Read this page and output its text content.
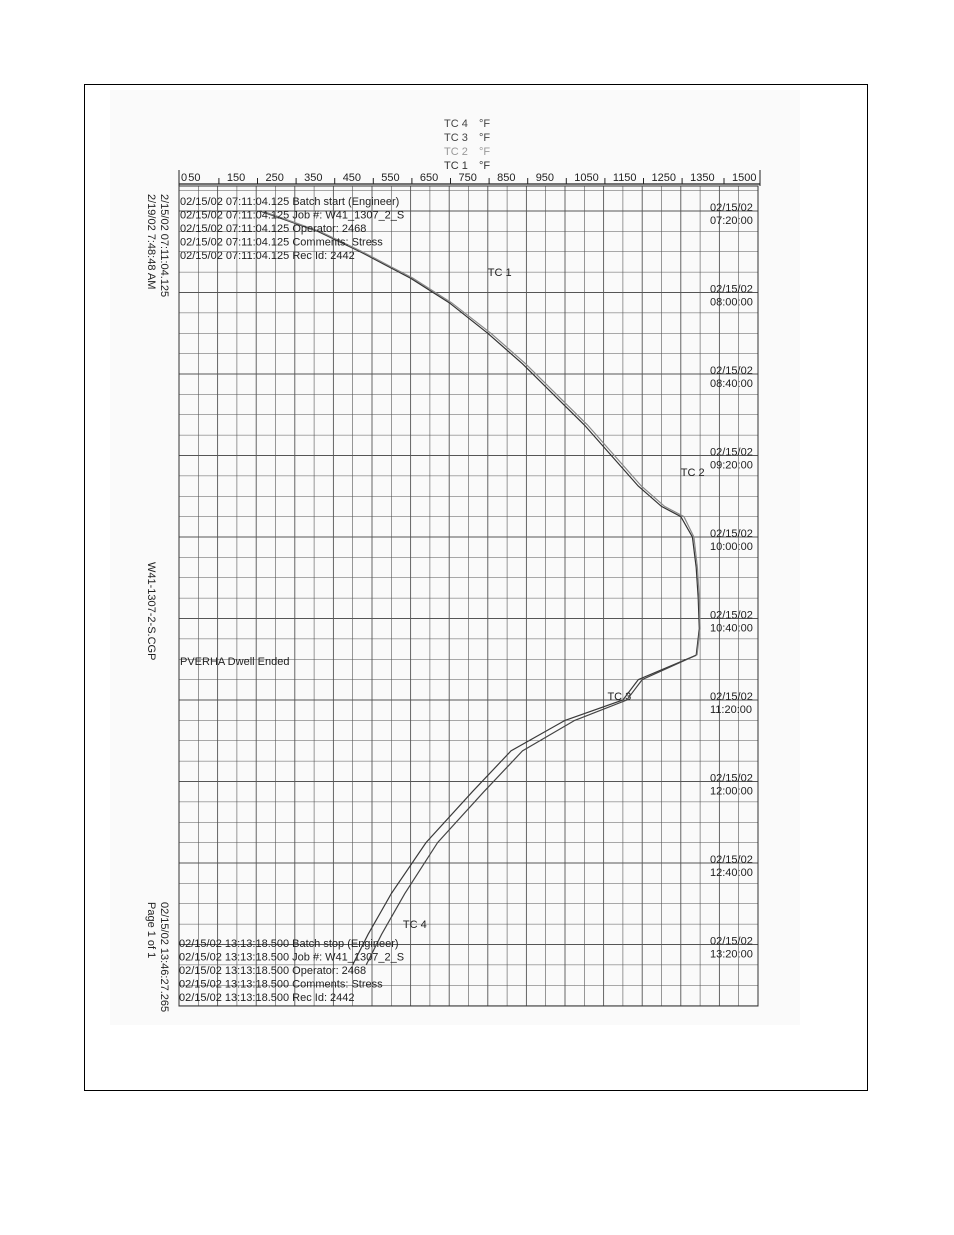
0 50 150 250 350 450 550 650 750 850 950 1050 1150 1250 1350 1500
TC 4 °F
TC 3 °F
TC 2 °F
TC 1 °F
TC 1
TC 2
TC 3
TC 4
02/15/02 07:11:04.125 Batch start (Engineer)
02/15/02 07:11:04.125 Job #: W41_1307_2_S
02/15/02 07:11:04.125 Operator: 2468
02/15/02 07:11:04.125 Comments: Stress
02/15/02 07:11:04.125 Rec Id: 2442
02/15/02 13:13:18.500 Batch stop (Engineer)
02/15/02 13:13:18.500 Job #: W41_1307_2_S
02/15/02 13:13:18.500 Operator: 2468
02/15/02 13:13:18.500 Comments: Stress
02/15/02 13:13:18.500 Rec Id: 2442
PVERHA Dwell Ended
02/15/02
07:20:00
02/15/02
08:00:00
02/15/02
08:40:00
02/15/02
09:20:00
02/15/02
10:00:00
02/15/02
10:40:00
02/15/02
11:20:00
02/15/02
12:00:00
02/15/02
12:40:00
02/15/02
13:20:00
2/15/02 07:11:04.125
2/19/02 7:48:48 AM
W41-1307-2-S.CGP
02/15/02 13:46:27.265
Page 1 of 1
